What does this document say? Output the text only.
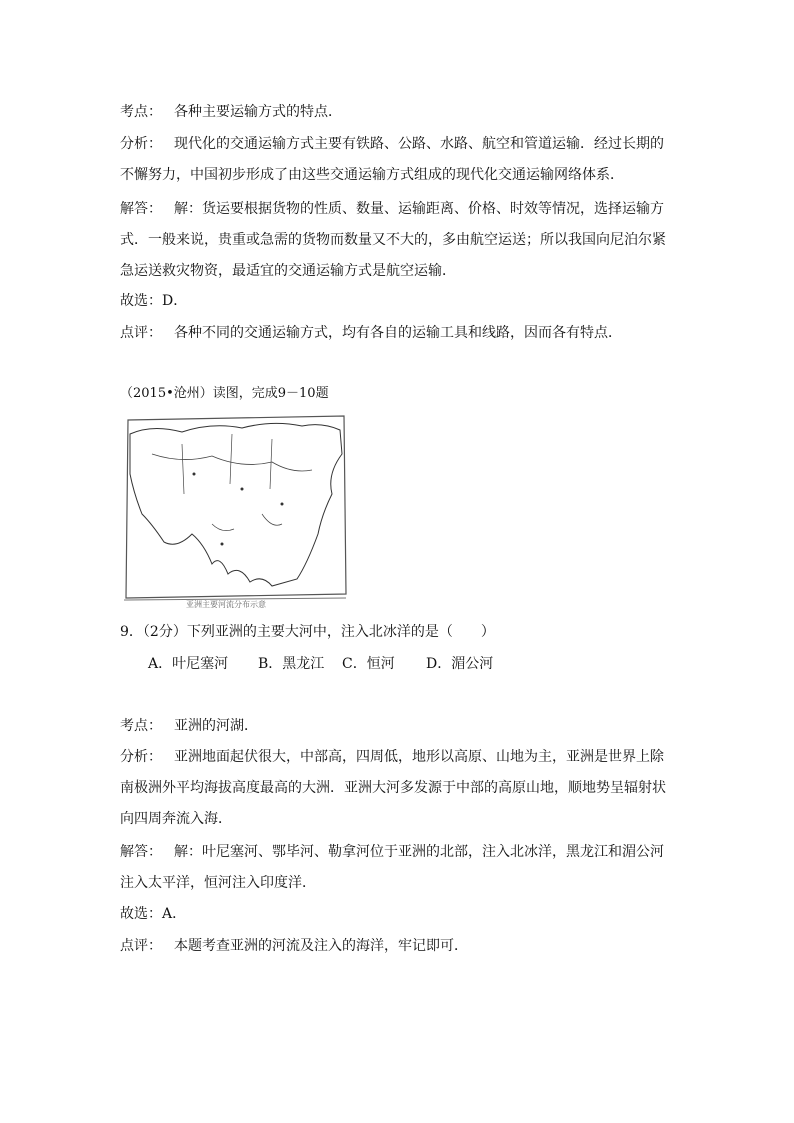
考点： 各种主要运输方式的特点．
分析： 现代化的交通运输方式主要有铁路、公路、水路、航空和管道运输．经过长期的
不懈努力，中国初步形成了由这些交通运输方式组成的现代化交通运输网络体系．
解答： 解：货运要根据货物的性质、数量、运输距离、价格、时效等情况，选择运输方
式．一般来说，贵重或急需的货物而数量又不大的，多由航空运送；所以我国向尼泊尔紧
急运送救灾物资，最适宜的交通运输方式是航空运输．
故选：D．
点评： 各种不同的交通运输方式，均有各自的运输工具和线路，因而各有特点．
（2015•沧州）读图，完成9－10题
亚洲主要河流分布示意
9．（2分）下列亚洲的主要大河中，注入北冰洋的是（　　）
A．叶尼塞河 B．黑龙江 C．恒河 D．湄公河
考点： 亚洲的河湖．
分析： 亚洲地面起伏很大，中部高，四周低，地形以高原、山地为主，亚洲是世界上除
南极洲外平均海拔高度最高的大洲．亚洲大河多发源于中部的高原山地，顺地势呈辐射状
向四周奔流入海．
解答： 解：叶尼塞河、鄂毕河、勒拿河位于亚洲的北部，注入北冰洋，黑龙江和湄公河
注入太平洋，恒河注入印度洋．
故选：A．
点评： 本题考查亚洲的河流及注入的海洋，牢记即可．
